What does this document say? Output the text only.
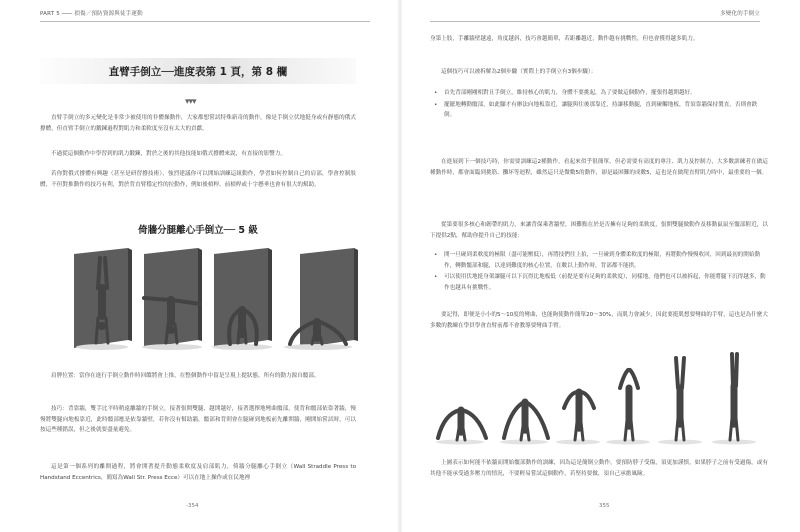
PART 5 ─── 損傷／預防資源與徒手運動
直臂手倒立──進度表第 1 頁，第 8 欄
▾▾▾

直臂手倒立的多元變化是非常少被使用的非體操動作，大家都想嘗試特殊新奇的動作，像是手倒立伏地挺身或有靜態的俄式撐體，但直臂手倒立的鍛鍊過程對肌力和柔軟度至沒有太大的貢獻。

不過從這個動作中學習到的肌力鍛鍊，對於之後的其他技能如俄式撐體來說，有直接的影響力。

若你對俄式撐體有興趣（甚至是研習撐技術），強烈建議你可以開始訓練這組動作，學習如何控制自己的肩部，學會控制肢體，不但對推動作的技巧有利，對於背直臂穩定性的拉動作，例如後槓桿、前槓桿或十字懸垂也會有很大的幫助。

倚牆分腿離心手倒立── 5 級

肩胛位置：當你在進行手倒立動作時回饋將會上推，在整個動作中留是呈現上提狀態，所有的動力源自髖部。

技巧：背靠牆，雙手比平時稍遠離牆的手倒立，接著張開雙腿，越開越好，接著選擇地彎曲髖部，使背和髖部依靠著牆，慢慢將雙腿向地板靠近，此時髖部應是依靠牆壁，若你沒有幫助牆，髖部和背則會在腿碰到地板前先離開牆，剛開始嘗試時，可以按這些種錯誤，但之後就要盡量避免。

這是第一個系列的離開過程，將會開著提升動態柔軟度及肩部肌力，倚牆分腿離心手倒立（Wall Straddle Press to Handstand Eccentrics，簡寫為Wall Str. Press Ecce）可以在地上操作或在民地裡

-354
多變化的手倒立

身第上肢，手離牆壁越遠，角度越斜，技巧會越簡單，若距離越近，動作越有挑戰性，但也會獲得越多肌力。

這個技巧可以被拆解為2個步驟（實際上的手倒立有3個步驟）：

• 首先背部剛剛相對且手倒立，維持核心的肌力，身體不要挑起，為了要做這個動作，擺張得越開越好。
• 擺擺地轉動髖部，如此腳才有辦法向地板靠近，讓腿與往後那靠近，持讓移動腿，直到碰觸地板，背須靠牆保持製直，否則會跌倒。

在進展到下一個技巧時，你需要訓練這2種動作，看起來似乎很簡單，但必需要有高度的專注、肌力及控制力，大多數訓練者在做這種動作時，都會面臨到挑筋、攤坏等迴程，雖然這只是微數5的動作，卻是最困難的成數5，這也是在做爬直臂肌力時中，最重要的一個。

從第要很多核心和韌帶的肌力，來讓背保乘著牆壁，困難點在於是否擁有足夠的柔軟度，張開雙腿做動作及移動鼠鼠至髖部附近，以下提供2點，幫助你提升自己的技能：

• 開一旦碰到柔軟度的極限（盡可能壓低），再將技們往上拍，一旦碰到身體柔軟度的極限，再將動作慢慢收回，回到最初的開始動作，轉動髖部和腿，以達到難度的核心位置，在數以上動作時，背部都不能拱。
• 可以使用伏地挺身架讓腿可以下沉得比地板低（前提是要有足夠的柔軟度），同樣地，他們也可以被拆起，你能將腿下沉得越多，動作也越具有挑戰性。

要記得，即便是小小的5～10度的彎曲，也能夠使動作簡單20～30%，而肌力會減少，因此要挺肌想要彎曲的手臂，這也是為什麼大多數的教練在學員學會直臂前都不會教導要彎曲手臂。

上圖表示如何能不依牆而開始髖部動作的訓練，因為這是簡倒立動作，要預防脖子受傷，須更加謹慎，如果脖子之前有受過傷，或有其他不能承受過多壓力的情況，不要輕易嘗試這個動作，若堅持要做，須自己承擔風險。

355
